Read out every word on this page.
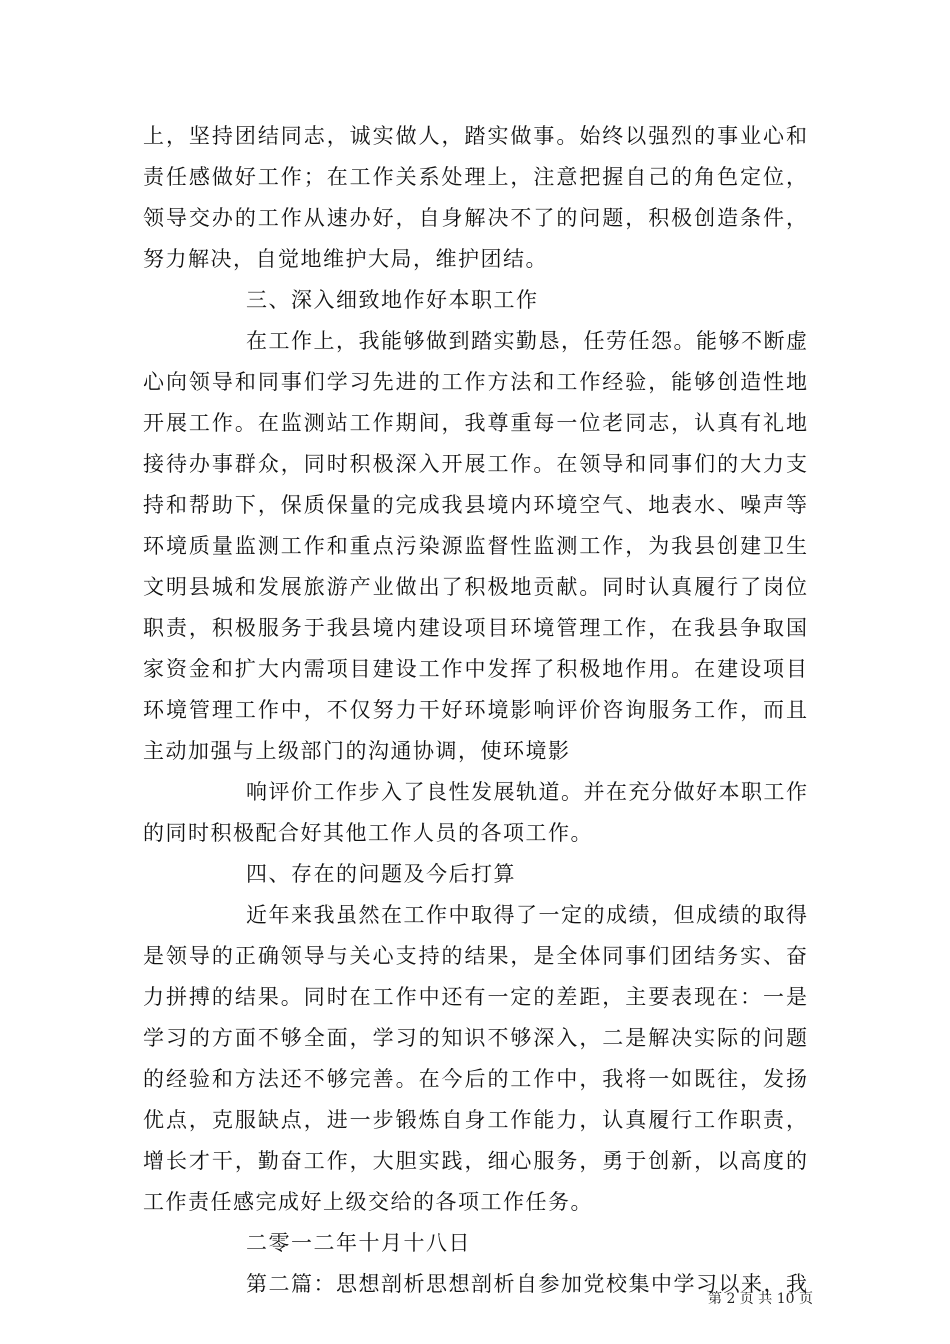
上，坚持团结同志，诚实做人，踏实做事。始终以强烈的事业心和
责任感做好工作；在工作关系处理上，注意把握自己的角色定位，
领导交办的工作从速办好，自身解决不了的问题，积极创造条件，
努力解决，自觉地维护大局，维护团结。
三、深入细致地作好本职工作
在工作上，我能够做到踏实勤恳，任劳任怨。能够不断虚
心向领导和同事们学习先进的工作方法和工作经验，能够创造性地
开展工作。在监测站工作期间，我尊重每一位老同志，认真有礼地
接待办事群众，同时积极深入开展工作。在领导和同事们的大力支
持和帮助下，保质保量的完成我县境内环境空气、地表水、噪声等
环境质量监测工作和重点污染源监督性监测工作，为我县创建卫生
文明县城和发展旅游产业做出了积极地贡献。同时认真履行了岗位
职责，积极服务于我县境内建设项目环境管理工作，在我县争取国
家资金和扩大内需项目建设工作中发挥了积极地作用。在建设项目
环境管理工作中，不仅努力干好环境影响评价咨询服务工作，而且
主动加强与上级部门的沟通协调，使环境影
响评价工作步入了良性发展轨道。并在充分做好本职工作
的同时积极配合好其他工作人员的各项工作。
四、存在的问题及今后打算
近年来我虽然在工作中取得了一定的成绩，但成绩的取得
是领导的正确领导与关心支持的结果，是全体同事们团结务实、奋
力拼搏的结果。同时在工作中还有一定的差距，主要表现在：一是
学习的方面不够全面，学习的知识不够深入，二是解决实际的问题
的经验和方法还不够完善。在今后的工作中，我将一如既往，发扬
优点，克服缺点，进一步锻炼自身工作能力，认真履行工作职责，
增长才干，勤奋工作，大胆实践，细心服务，勇于创新，以高度的
工作责任感完成好上级交给的各项工作任务。
二零一二年十月十八日
第二篇：思想剖析思想剖析自参加党校集中学习以来，我
第 2 页 共 10 页
